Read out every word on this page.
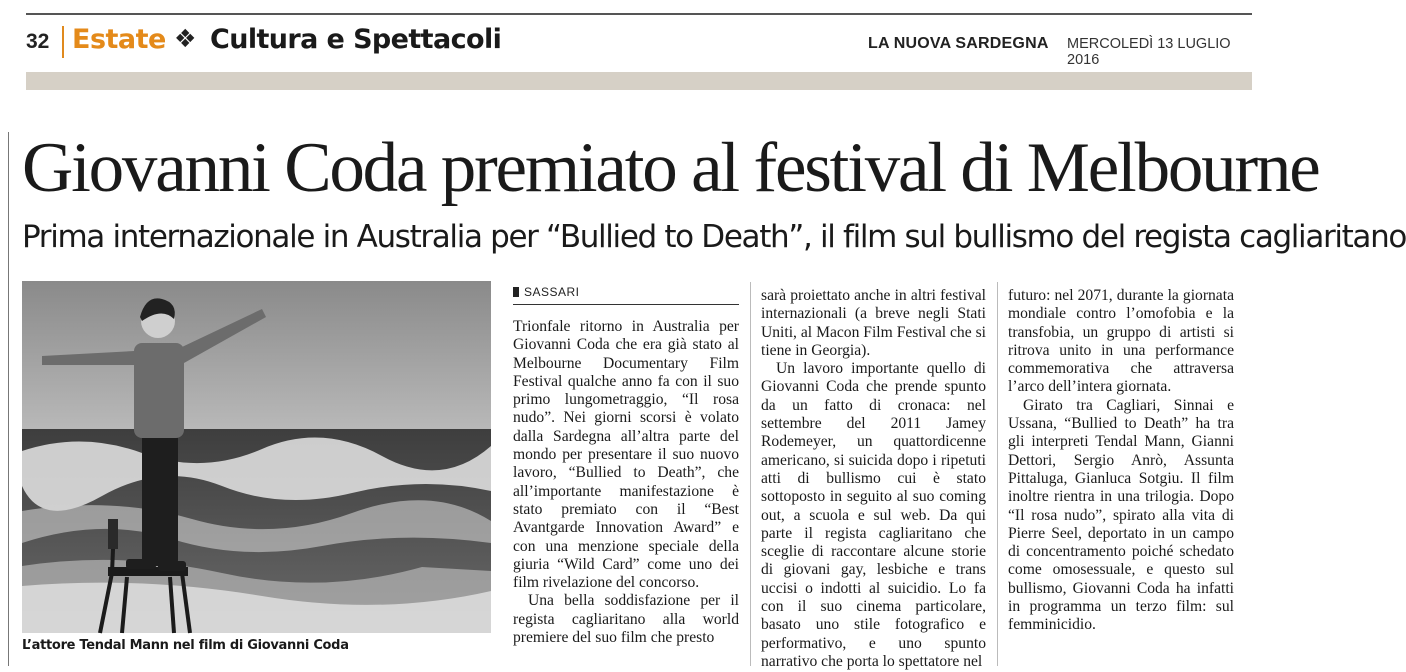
32 Estate ❖ Cultura e Spettacoli	LA NUOVA SARDEGNA MERCOLEDÌ 13 LUGLIO 2016
Giovanni Coda premiato al festival di Melbourne
Prima internazionale in Australia per “Bullied to Death”, il film sul bullismo del regista cagliaritano
L’attore Tendal Mann nel film di Giovanni Coda
SASSARI

Trionfale ritorno in Australia per Giovanni Coda che era già stato al Melbourne Documentary Film Festival qualche anno fa con il suo primo lungometraggio, “Il rosa nudo”. Nei giorni scorsi è volato dalla Sardegna all’altra parte del mondo per presentare il suo nuovo lavoro, “Bullied to Death”, che all’importante manifestazione è stato premiato con il “Best Avantgarde Innovation Award” e con una menzione speciale della giuria “Wild Card” come uno dei film rivelazione del concorso.

Una bella soddisfazione per il regista cagliaritano alla world premiere del suo film che presto

sarà proiettato anche in altri festival internazionali (a breve negli Stati Uniti, al Macon Film Festival che si tiene in Georgia).

Un lavoro importante quello di Giovanni Coda che prende spunto da un fatto di cronaca: nel settembre del 2011 Jamey Rodemeyer, un quattordicenne americano, si suicida dopo i ripetuti atti di bullismo cui è stato sottoposto in seguito al suo coming out, a scuola e sul web. Da qui parte il regista cagliaritano che sceglie di raccontare alcune storie di giovani gay, lesbiche e trans uccisi o indotti al suicidio. Lo fa con il suo cinema particolare, basato uno stile fotografico e performativo, e uno spunto narrativo che porta lo spettatore nel

futuro: nel 2071, durante la giornata mondiale contro l’omofobia e la transfobia, un gruppo di artisti si ritrova unito in una performance commemorativa che attraversa l’arco dell’intera giornata.

Girato tra Cagliari, Sinnai e Ussana, “Bullied to Death” ha tra gli interpreti Tendal Mann, Gianni Dettori, Sergio Anrò, Assunta Pittaluga, Gianluca Sotgiu. Il film inoltre rientra in una trilogia. Dopo “Il rosa nudo”, spirato alla vita di Pierre Seel, deportato in un campo di concentramento poiché schedato come omosessuale, e questo sul bullismo, Giovanni Coda ha infatti in programma un terzo film: sul femminicidio.
